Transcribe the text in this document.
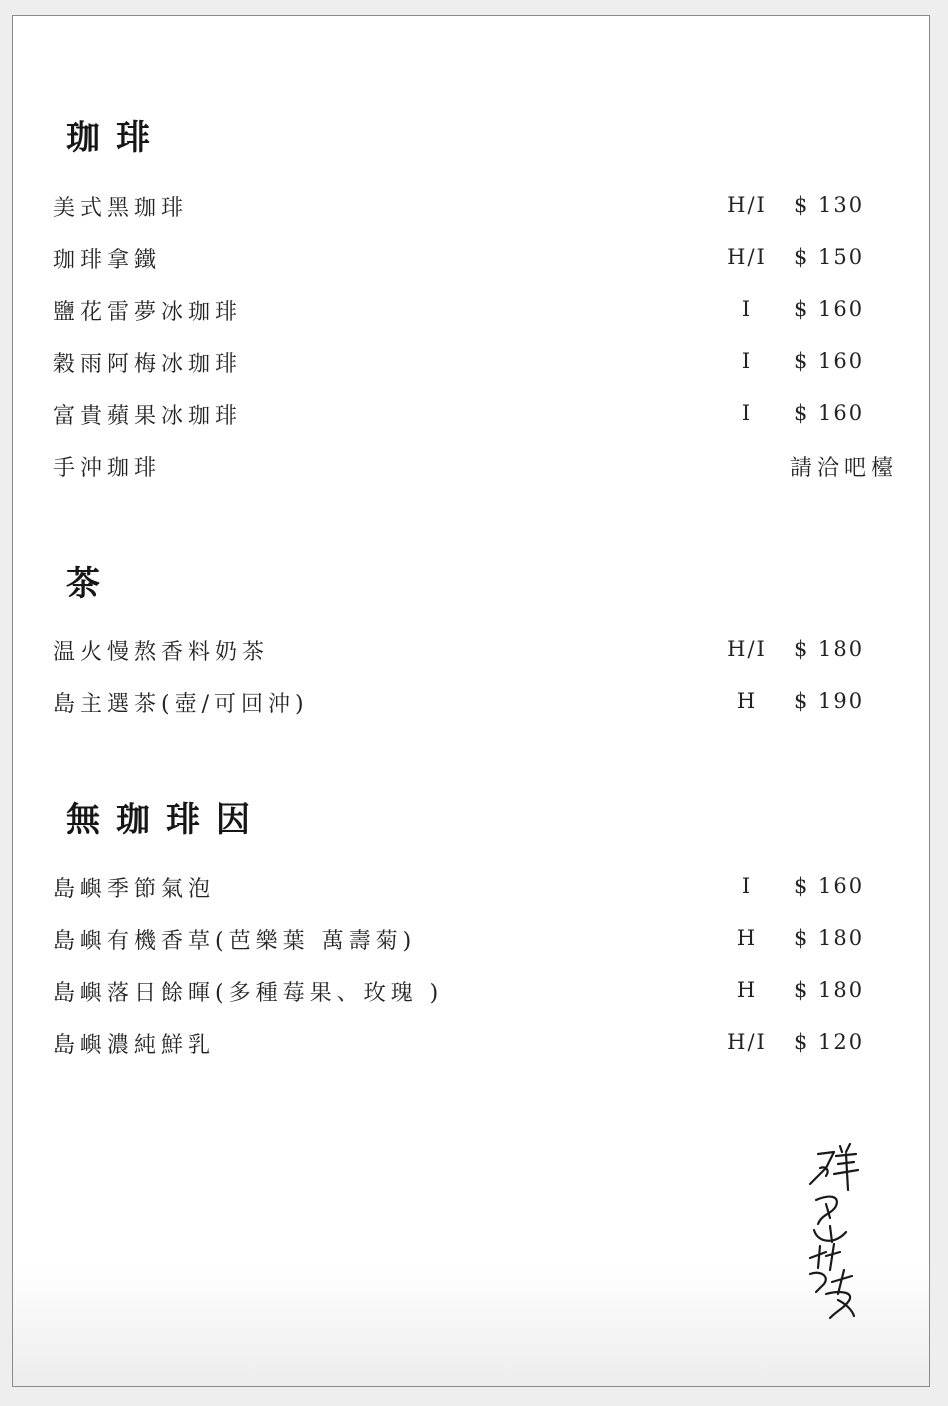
珈琲
美式黑珈琲	H/I	$ 130
珈琲拿鐵	H/I	$ 150
鹽花雷夢冰珈琲	I	$ 160
穀雨阿梅冰珈琲	I	$ 160
富貴蘋果冰珈琲	I	$ 160
手沖珈琲	請洽吧檯
茶
温火慢熬香料奶茶	H/I	$ 180
島主選茶(壺/可回沖)	H	$ 190
無珈琲因
島嶼季節氣泡	I	$ 160
島嶼有機香草(芭樂葉 萬壽菊)	H	$ 180
島嶼落日餘暉(多種莓果、玫瑰 )	H	$ 180
島嶼濃純鮮乳	H/I	$ 120
